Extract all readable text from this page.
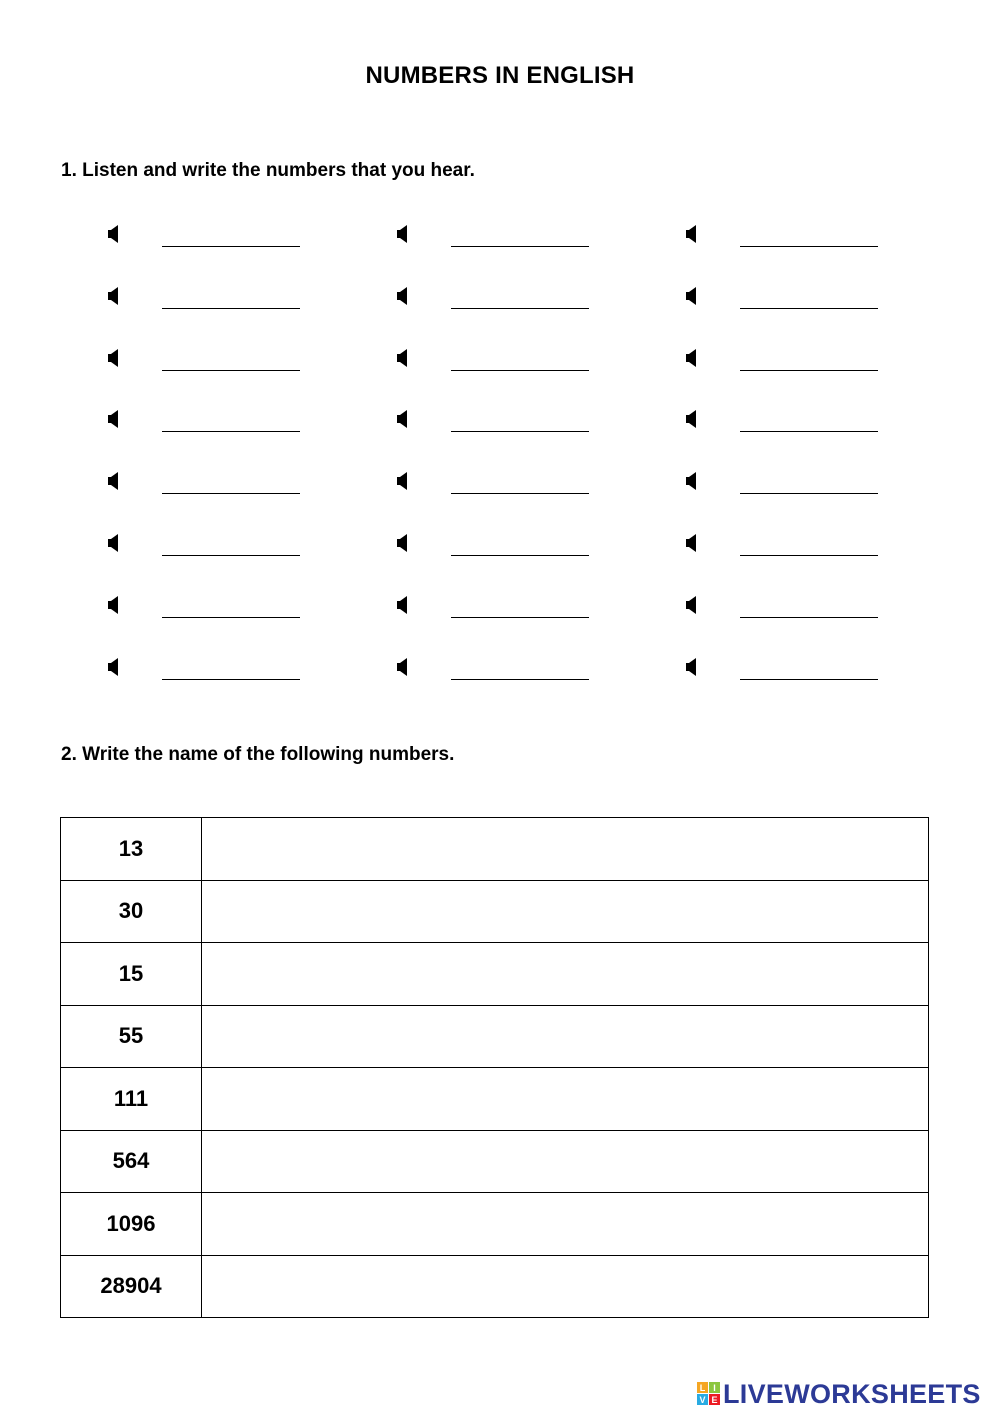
NUMBERS IN ENGLISH
1. Listen and write the numbers that you hear.
2. Write the name of the following numbers.
13	
30	
15	
55	
111	
564	
1096	
28904	
L I
V E LIVEWORKSHEETS
